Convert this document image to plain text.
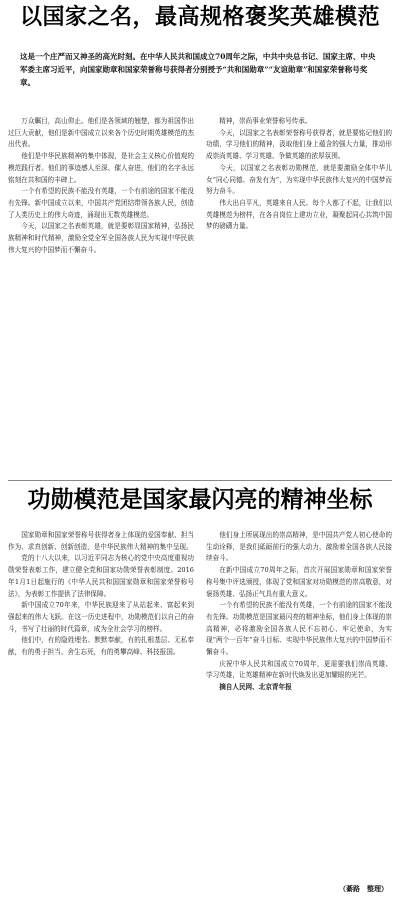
以国家之名，最高规格褒奖英雄模范
这是一个庄严而又神圣的高光时刻。在中华人民共和国成立70周年之际，中共中央总书记、国家主席、中央军委主席习近平，向国家勋章和国家荣誉称号获得者分别授予“共和国勋章”“友谊勋章”和国家荣誉称号奖章。

万众瞩目，高山仰止。他们是各领域的翘楚，都为祖国作出过巨大贡献，他们是新中国成立以来各个历史时期英雄模范的杰出代表。

他们是中华民族精神的集中体现，是社会主义核心价值观的模范践行者。他们的事迹感人至深、催人奋进，他们的名字永远铭刻在共和国的丰碑上。

一个有希望的民族不能没有英雄，一个有前途的国家不能没有先锋。新中国成立以来，中国共产党团结带领各族人民，创造了人类历史上的伟大奇迹，涌现出无数英雄模范。

今天，以国家之名表彰英雄，就是要彰显国家精神，弘扬民族精神和时代精神，激励全党全军全国各族人民为实现中华民族伟大复兴的中国梦而不懈奋斗。

精神，崇尚事业荣誉称号传承。

今天，以国家之名表彰荣誉称号获得者，就是要铭记他们的功绩，学习他们的精神，汲取他们身上蕴含的强大力量，推动形成崇尚英雄、学习英雄、争做英雄的浓厚氛围。

今天，以国家之名表彰功勋模范，就是要激励全体中华儿女“同心同德、奋发有为”，为实现中华民族伟大复兴的中国梦而努力奋斗。

伟大出自平凡，英雄来自人民。每个人都了不起，让我们以英雄模范为榜样，在各自岗位上建功立业，凝聚起同心共筑中国梦的磅礴力量。

功勋模范是国家最闪亮的精神坐标

国家勋章和国家荣誉称号获得者身上体现的爱国奉献、担当作为、求真创新、创新创造，是中华民族伟大精神的集中呈现。

党的十八大以来，以习近平同志为核心的党中央高度重视功勋荣誉表彰工作，建立健全党和国家功勋荣誉表彰制度。2016年1月1日起施行的《中华人民共和国国家勋章和国家荣誉称号法》，为表彰工作提供了法律保障。

新中国成立70年来，中华民族迎来了从站起来、富起来到强起来的伟大飞跃。在这一历史进程中，功勋模范们以自己的奋斗，书写了壮丽的时代篇章，成为全社会学习的榜样。

他们中，有的隐姓埋名、默默奉献，有的扎根基层、无私奉献，有的勇于担当、舍生忘死，有的勇攀高峰、科技报国。

他们身上所展现出的崇高精神，是中国共产党人初心使命的生动诠释，是我们砥砺前行的强大动力，激励着全国各族人民接续奋斗。

在新中国成立70周年之际，首次开展国家勋章和国家荣誉称号集中评选颁授，体现了党和国家对功勋模范的崇高敬意，对褒扬英雄、弘扬正气具有重大意义。

一个有希望的民族不能没有英雄，一个有前途的国家不能没有先锋。功勋模范是国家最闪亮的精神坐标，他们身上体现的崇高精神，必将激励全国各族人民不忘初心、牢记使命，为实现“两个一百年”奋斗目标、实现中华民族伟大复兴的中国梦而不懈奋斗。

庆祝中华人民共和国成立70周年，更需要我们崇尚英雄、学习英雄，让英雄精神在新时代焕发出更加耀眼的光芒。

摘自人民网、北京青年报

（綦路　整理）
